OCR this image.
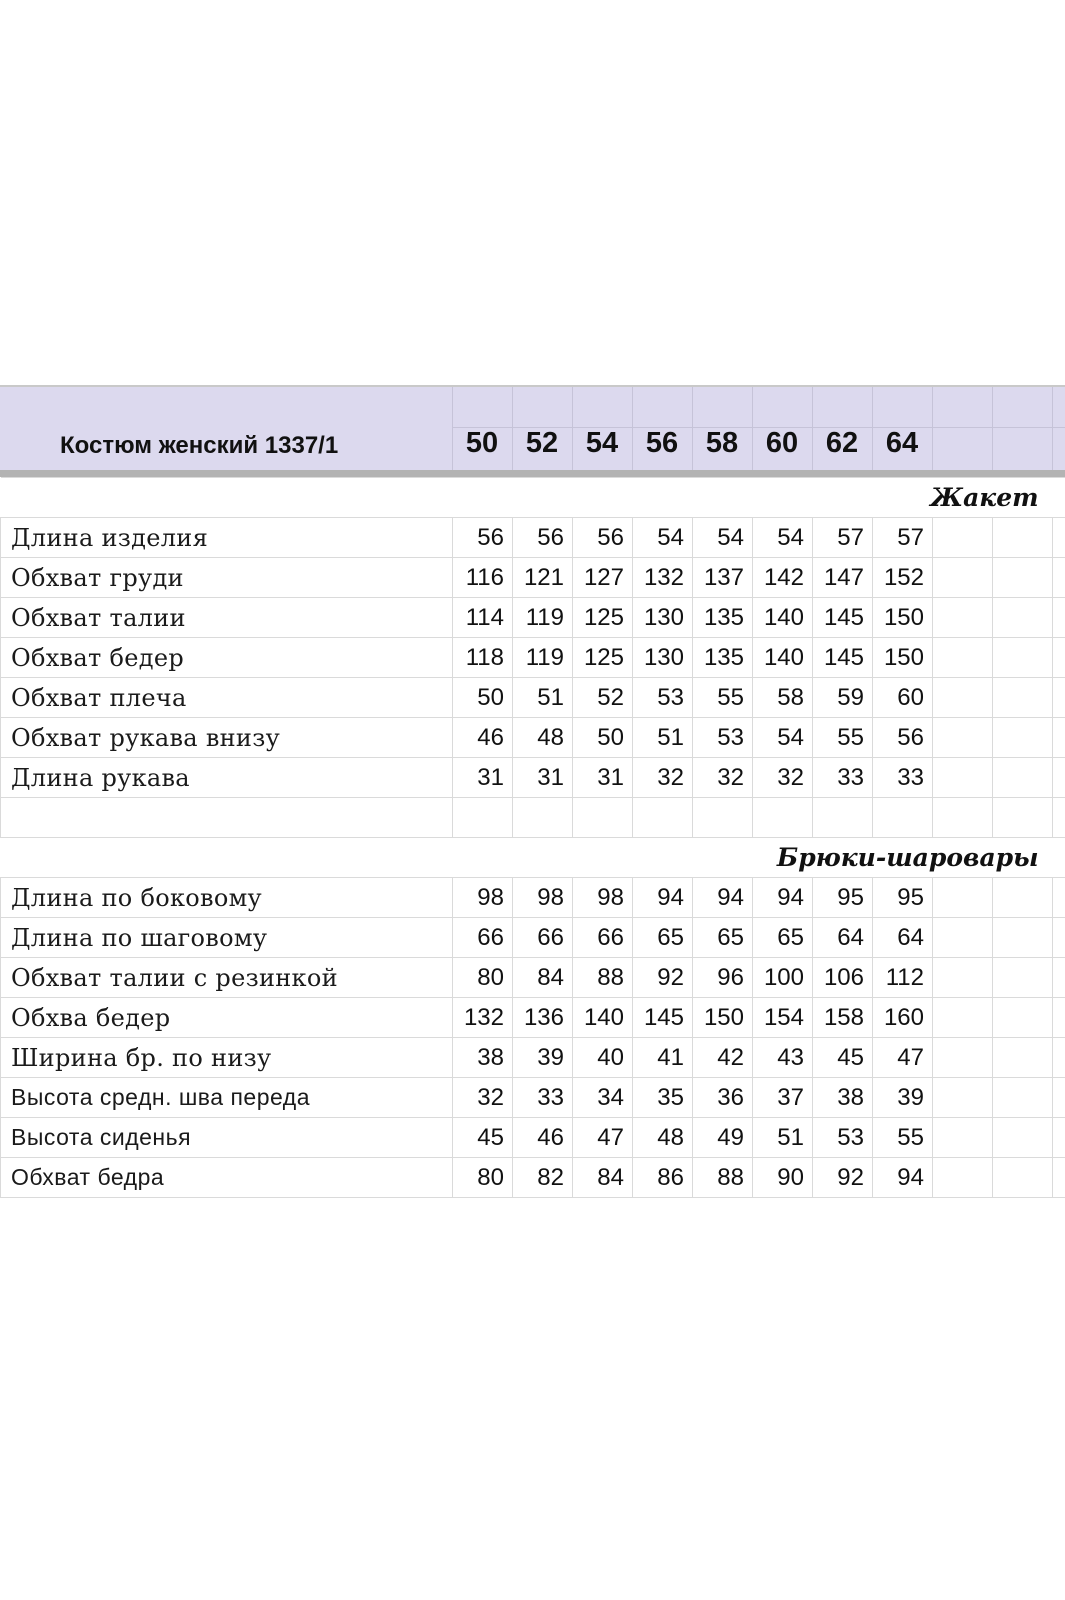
Костюм женский 1337/1	50 52 54 56 58 60 62 64
Жакет											
Длина изделия	56	56	56	54	54	54	57	57			
Обхват груди	116	121	127	132	137	142	147	152			
Обхват талии	114	119	125	130	135	140	145	150			
Обхват бедер	118	119	125	130	135	140	145	150			
Обхват плеча	50	51	52	53	55	58	59	60			
Обхват рукава внизу	46	48	50	51	53	54	55	56			
Длина рукава	31	31	31	32	32	32	33	33			

Брюки-шаровары											
Длина по боковому	98	98	98	94	94	94	95	95			
Длина по шаговому	66	66	66	65	65	65	64	64			
Обхват талии с резинкой	80	84	88	92	96	100	106	112			
Обхва бедер	132	136	140	145	150	154	158	160			
Ширина бр. по низу	38	39	40	41	42	43	45	47			
Высота средн. шва переда	32	33	34	35	36	37	38	39			
Высота сиденья	45	46	47	48	49	51	53	55			
Обхват бедра	80	82	84	86	88	90	92	94			
